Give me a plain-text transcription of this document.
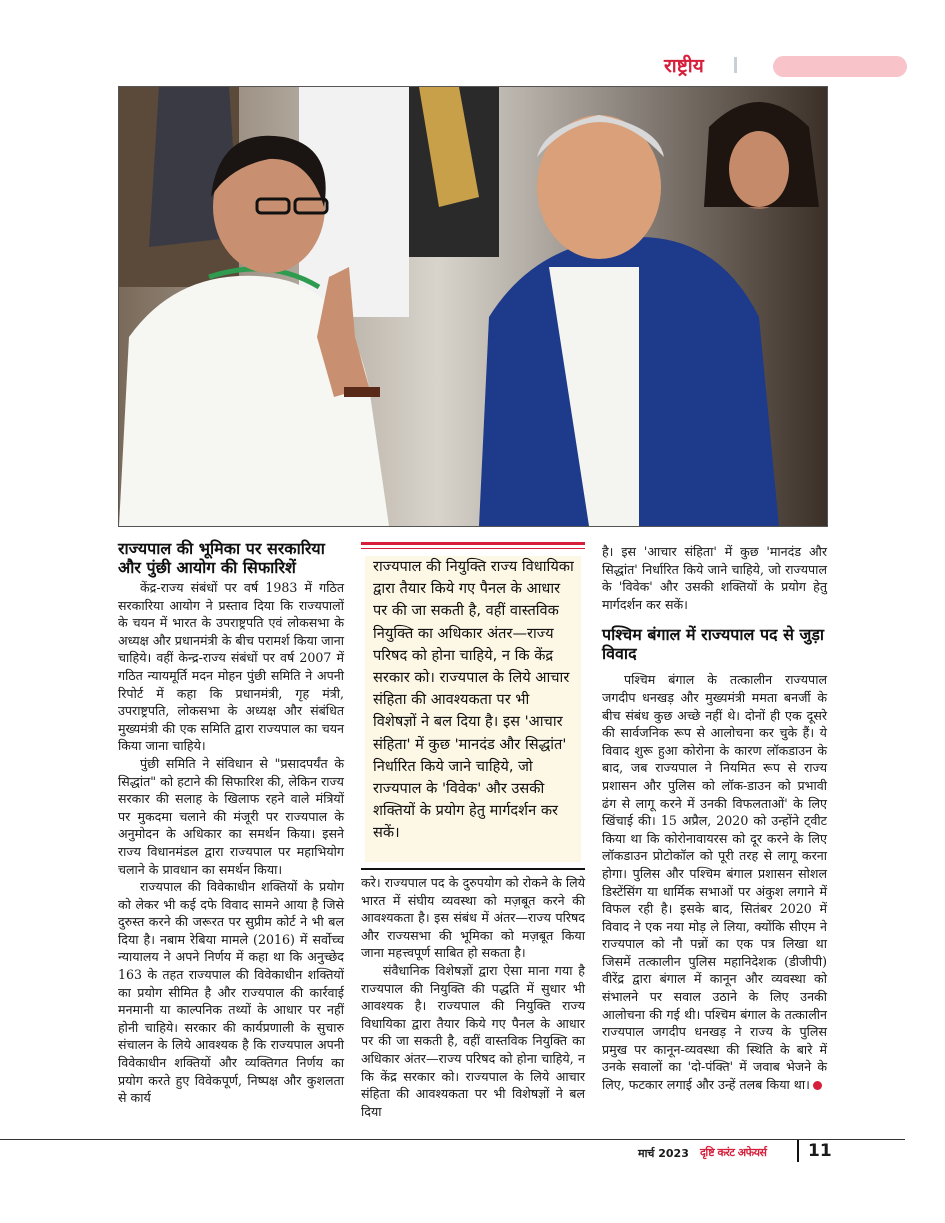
राष्ट्रीय
राज्यपाल की भूमिका पर सरकारिया और पुंछी आयोग की सिफारिशें

केंद्र-राज्य संबंधों पर वर्ष 1983 में गठित सरकारिया आयोग ने प्रस्ताव दिया कि राज्यपालों के चयन में भारत के उपराष्ट्रपति एवं लोकसभा के अध्यक्ष और प्रधानमंत्री के बीच परामर्श किया जाना चाहिये। वहीं केन्द्र-राज्य संबंधों पर वर्ष 2007 में गठित न्यायमूर्ति मदन मोहन पुंछी समिति ने अपनी रिपोर्ट में कहा कि प्रधानमंत्री, गृह मंत्री, उपराष्ट्रपति, लोकसभा के अध्यक्ष और संबंधित मुख्यमंत्री की एक समिति द्वारा राज्यपाल का चयन किया जाना चाहिये।

पुंछी समिति ने संविधान से "प्रसादपर्यंत के सिद्धांत" को हटाने की सिफारिश की, लेकिन राज्य सरकार की सलाह के खिलाफ रहने वाले मंत्रियों पर मुकदमा चलाने की मंजूरी पर राज्यपाल के अनुमोदन के अधिकार का समर्थन किया। इसने राज्य विधानमंडल द्वारा राज्यपाल पर महाभियोग चलाने के प्रावधान का समर्थन किया।

राज्यपाल की विवेकाधीन शक्तियों के प्रयोग को लेकर भी कई दफे विवाद सामने आया है जिसे दुरुस्त करने की जरूरत पर सुप्रीम कोर्ट ने भी बल दिया है। नबाम रेबिया मामले (2016) में सर्वोच्च न्यायालय ने अपने निर्णय में कहा था कि अनुच्छेद 163 के तहत राज्यपाल की विवेकाधीन शक्तियों का प्रयोग सीमित है और राज्यपाल की कार्रवाई मनमानी या काल्पनिक तथ्यों के आधार पर नहीं होनी चाहिये। सरकार की कार्यप्रणाली के सुचारु संचालन के लिये आवश्यक है कि राज्यपाल अपनी विवेकाधीन शक्तियों और व्यक्तिगत निर्णय का प्रयोग करते हुए विवेकपूर्ण, निष्पक्ष और कुशलता से कार्य

राज्यपाल की नियुक्ति राज्य विधायिका द्वारा तैयार किये गए पैनल के आधार पर की जा सकती है, वहीं वास्तविक नियुक्ति का अधिकार अंतर—राज्य परिषद को होना चाहिये, न कि केंद्र सरकार को। राज्यपाल के लिये आचार संहिता की आवश्यकता पर भी विशेषज्ञों ने बल दिया है। इस 'आचार संहिता' में कुछ 'मानदंड और सिद्धांत' निर्धारित किये जाने चाहिये, जो राज्यपाल के 'विवेक' और उसकी शक्तियों के प्रयोग हेतु मार्गदर्शन कर सकें।

करे। राज्यपाल पद के दुरुपयोग को रोकने के लिये भारत में संघीय व्यवस्था को मज़बूत करने की आवश्यकता है। इस संबंध में अंतर—राज्य परिषद और राज्यसभा की भूमिका को मज़बूत किया जाना महत्त्वपूर्ण साबित हो सकता है।

संवैधानिक विशेषज्ञों द्वारा ऐसा माना गया है राज्यपाल की नियुक्ति की पद्धति में सुधार भी आवश्यक है। राज्यपाल की नियुक्ति राज्य विधायिका द्वारा तैयार किये गए पैनल के आधार पर की जा सकती है, वहीं वास्तविक नियुक्ति का अधिकार अंतर—राज्य परिषद को होना चाहिये, न कि केंद्र सरकार को। राज्यपाल के लिये आचार संहिता की आवश्यकता पर भी विशेषज्ञों ने बल दिया

है। इस 'आचार संहिता' में कुछ 'मानदंड और सिद्धांत' निर्धारित किये जाने चाहिये, जो राज्यपाल के 'विवेक' और उसकी शक्तियों के प्रयोग हेतु मार्गदर्शन कर सकें।

पश्चिम बंगाल में राज्यपाल पद से जुड़ा विवाद

पश्चिम बंगाल के तत्कालीन राज्यपाल जगदीप धनखड़ और मुख्यमंत्री ममता बनर्जी के बीच संबंध कुछ अच्छे नहीं थे। दोनों ही एक दूसरे की सार्वजनिक रूप से आलोचना कर चुके हैं। ये विवाद शुरू हुआ कोरोना के कारण लॉकडाउन के बाद, जब राज्यपाल ने नियमित रूप से राज्य प्रशासन और पुलिस को लॉक-डाउन को प्रभावी ढंग से लागू करने में उनकी विफलताओं' के लिए खिंचाई की। 15 अप्रैल, 2020 को उन्होंने ट्वीट किया था कि कोरोनावायरस को दूर करने के लिए लॉकडाउन प्रोटोकॉल को पूरी तरह से लागू करना होगा। पुलिस और पश्चिम बंगाल प्रशासन सोशल डिस्टेंसिंग या धार्मिक सभाओं पर अंकुश लगाने में विफल रही है। इसके बाद, सितंबर 2020 में विवाद ने एक नया मोड़ ले लिया, क्योंकि सीएम ने राज्यपाल को नौ पन्नों का एक पत्र लिखा था जिसमें तत्कालीन पुलिस महानिदेशक (डीजीपी) वीरेंद्र द्वारा बंगाल में कानून और व्यवस्था को संभालने पर सवाल उठाने के लिए उनकी आलोचना की गई थी। पश्चिम बंगाल के तत्कालीन राज्यपाल जगदीप धनखड़ ने राज्य के पुलिस प्रमुख पर कानून-व्यवस्था की स्थिति के बारे में उनके सवालों का 'दो-पंक्ति' में जवाब भेजने के लिए, फटकार लगाई और उन्हें तलब किया था।

मार्च 2023 दृष्टि करंट अफेयर्स 11
